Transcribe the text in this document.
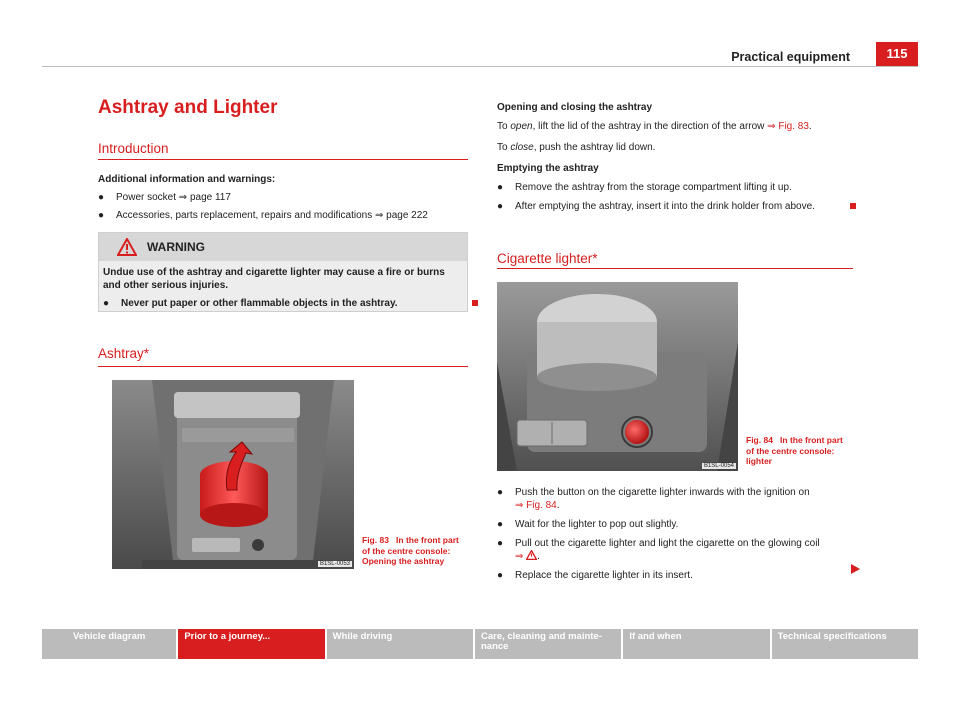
Practical equipment	115
Ashtray and Lighter
Introduction
Additional information and warnings:
● Power socket ⇒ page 117
● Accessories, parts replacement, repairs and modifications ⇒ page 222
WARNING
Undue use of the ashtray and cigarette lighter may cause a fire or burns and other serious injuries.
● Never put paper or other flammable objects in the ashtray.
Ashtray*
B1SL-0053
Fig. 83 In the front part of the centre console: Opening the ashtray
Opening and closing the ashtray
To open, lift the lid of the ashtray in the direction of the arrow ⇒ Fig. 83.
To close, push the ashtray lid down.
Emptying the ashtray
● Remove the ashtray from the storage compartment lifting it up.
● After emptying the ashtray, insert it into the drink holder from above.
Cigarette lighter*
B1SL-0054
Fig. 84 In the front part of the centre console: lighter
● Push the button on the cigarette lighter inwards with the ignition on
⇒ Fig. 84.
● Wait for the lighter to pop out slightly.
● Pull out the cigarette lighter and light the cigarette on the glowing coil
⇒ .
● Replace the cigarette lighter in its insert.
Vehicle diagram	Prior to a journey...	While driving	Care, cleaning and mainte-nance
If and when	Technical specifications
